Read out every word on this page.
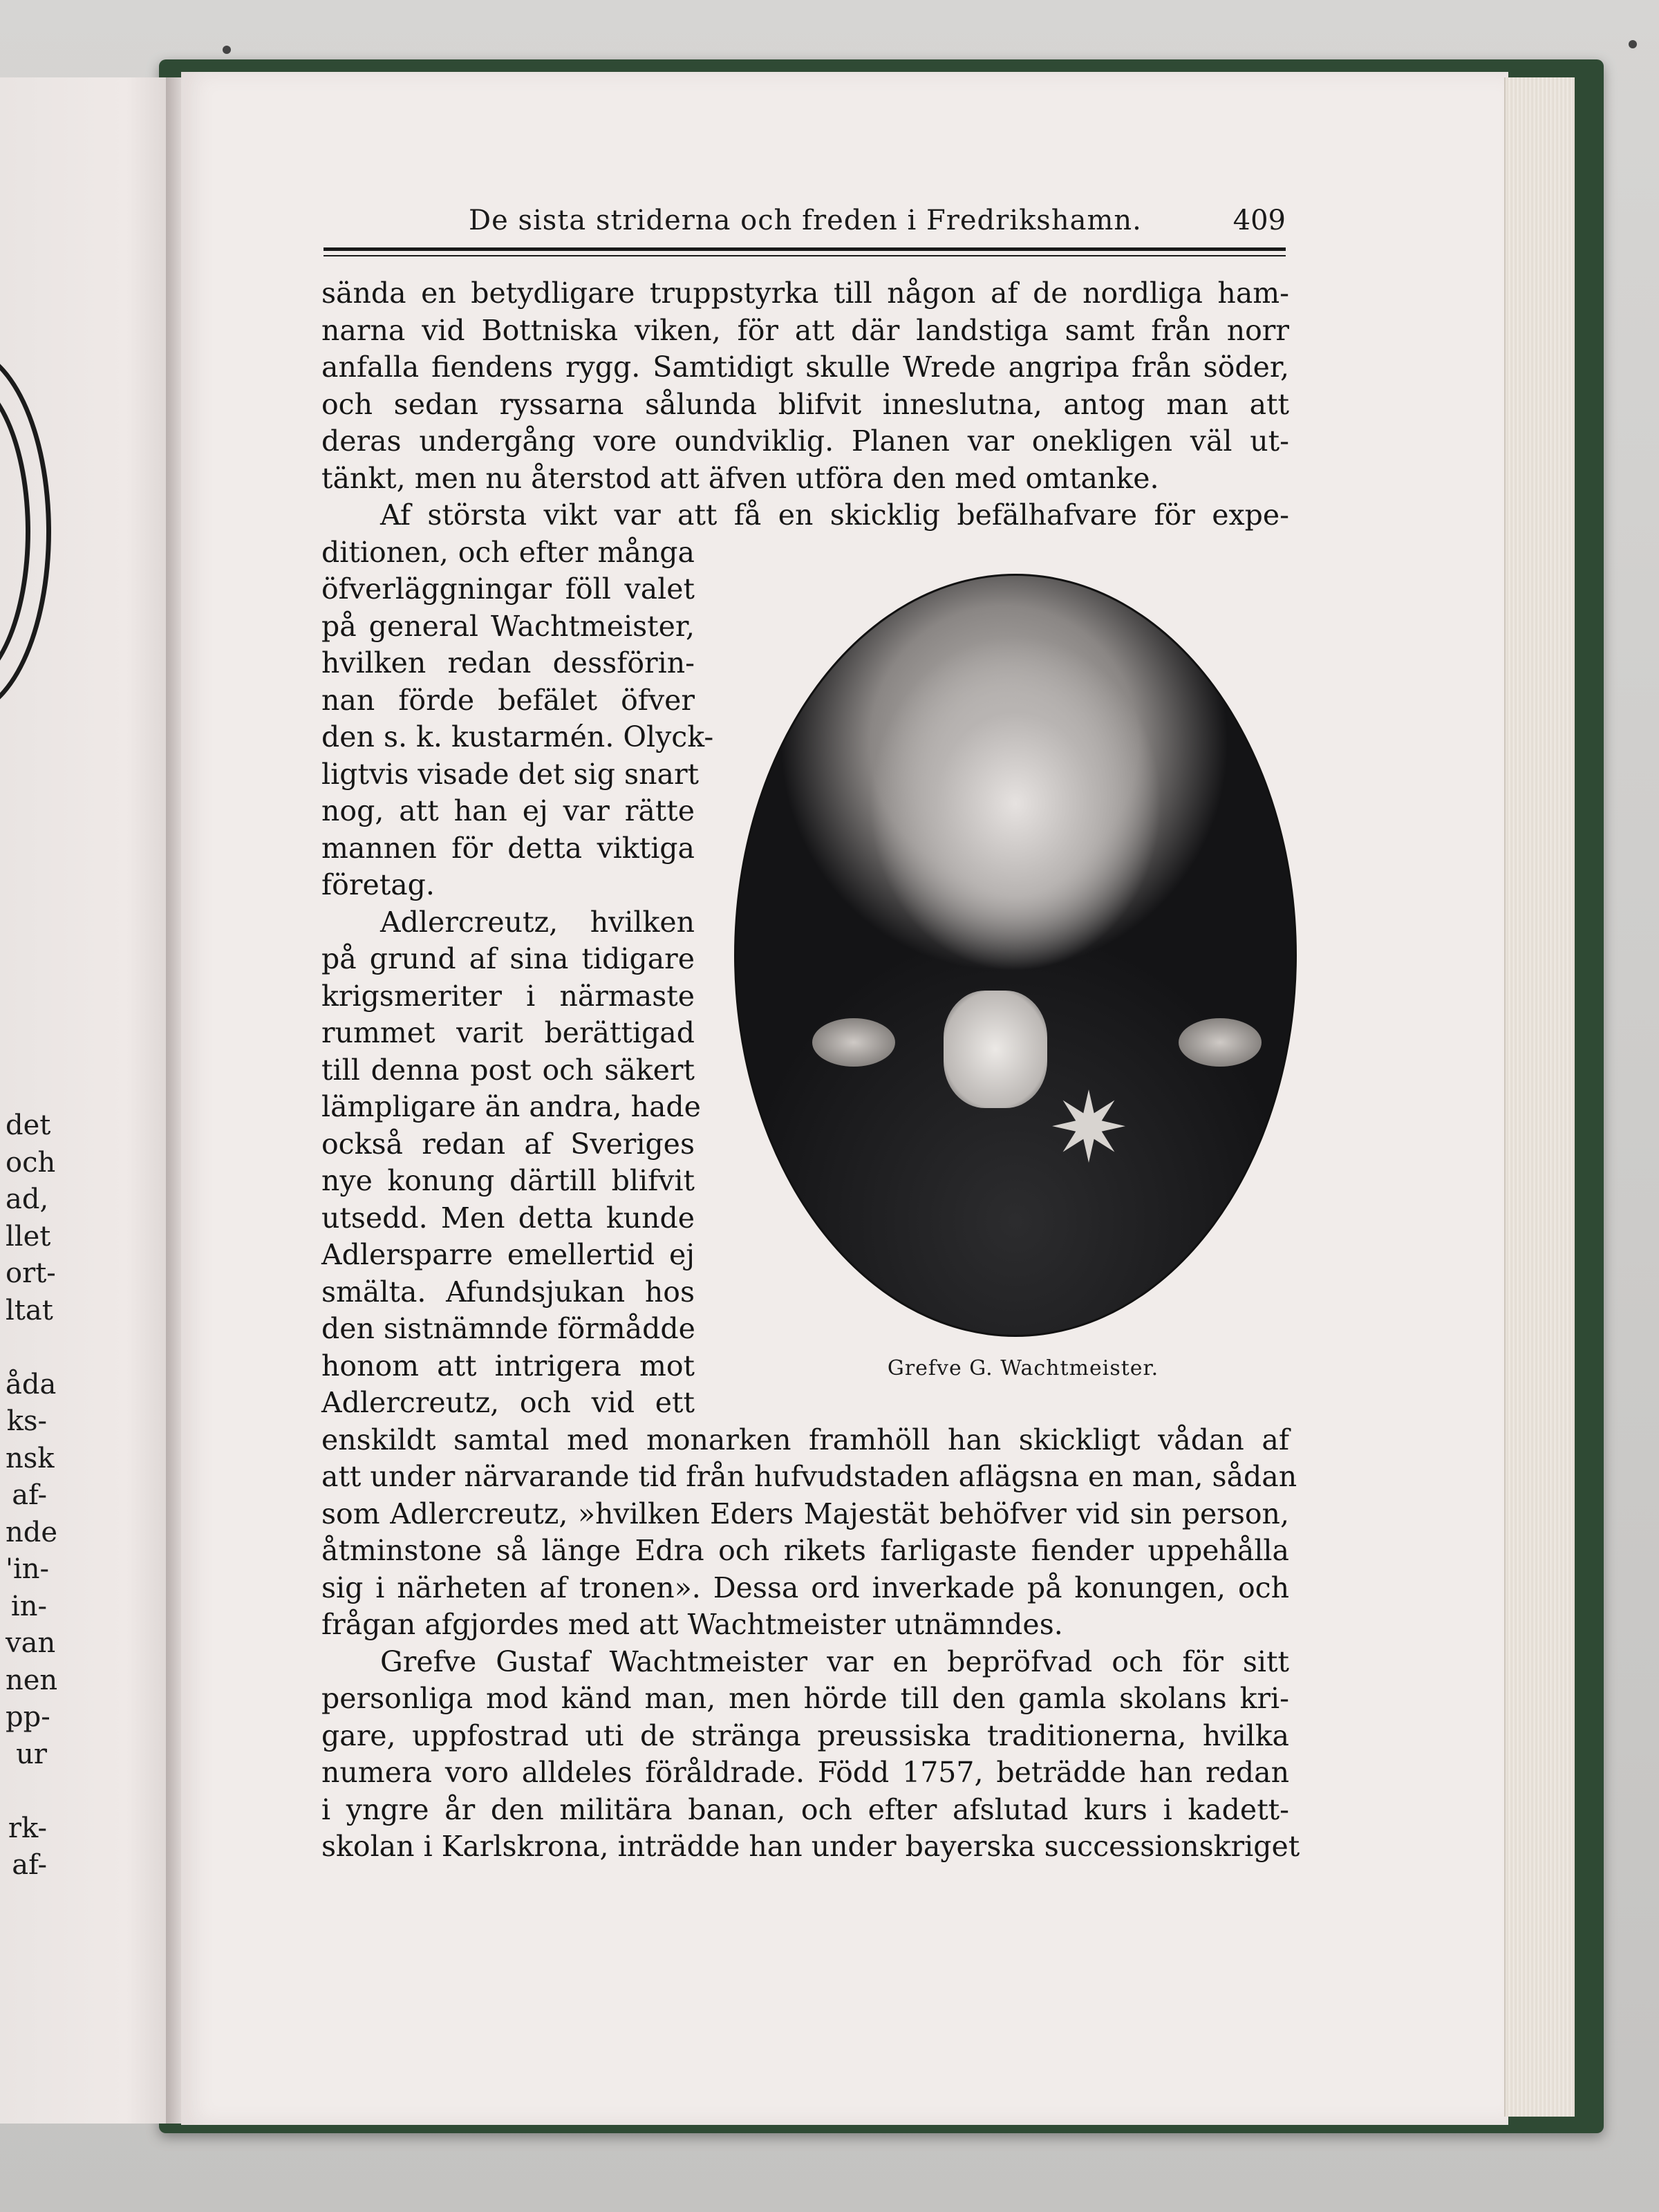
det
och
ad,
llet
ort-
ltat
åda
ks-
nsk
af-
nde
'in-
in-
van
nen
pp-
ur
rk-
af-
De sista striderna och freden i Fredrikshamn.	409
sända en betydligare truppstyrka till någon af de nordliga ham-
narna vid Bottniska viken, för att där landstiga samt från norr
anfalla fiendens rygg. Samtidigt skulle Wrede angripa från söder,
och sedan ryssarna sålunda blifvit inneslutna, antog man att
deras undergång vore oundviklig. Planen var onekligen väl ut-
tänkt, men nu återstod att äfven utföra den med omtanke.
Af största vikt var att få en skicklig befälhafvare för expe-
ditionen, och efter många
öfverläggningar föll valet
på general Wachtmeister,
hvilken redan dessförin-
nan förde befälet öfver
den s. k. kustarmén. Olyck-
ligtvis visade det sig snart
nog, att han ej var rätte
mannen för detta viktiga
företag.
Adlercreutz, hvilken
på grund af sina tidigare
krigsmeriter i närmaste
rummet varit berättigad
till denna post och säkert
lämpligare än andra, hade
också redan af Sveriges
nye konung därtill blifvit
utsedd. Men detta kunde
Adlersparre emellertid ej
smälta. Afundsjukan hos
den sistnämnde förmådde
honom att intrigera mot
Adlercreutz, och vid ett
enskildt samtal med monarken framhöll han skickligt vådan af
att under närvarande tid från hufvudstaden aflägsna en man, sådan
som Adlercreutz, »hvilken Eders Majestät behöfver vid sin person,
åtminstone så länge Edra och rikets farligaste fiender uppehålla
sig i närheten af tronen». Dessa ord inverkade på konungen, och
frågan afgjordes med att Wachtmeister utnämndes.
Grefve Gustaf Wachtmeister var en bepröfvad och för sitt
personliga mod känd man, men hörde till den gamla skolans kri-
gare, uppfostrad uti de stränga preussiska traditionerna, hvilka
numera voro alldeles föråldrade. Född 1757, beträdde han redan
i yngre år den militära banan, och efter afslutad kurs i kadett-
skolan i Karlskrona, inträdde han under bayerska successionskriget
✷
Grefve G. Wachtmeister.
